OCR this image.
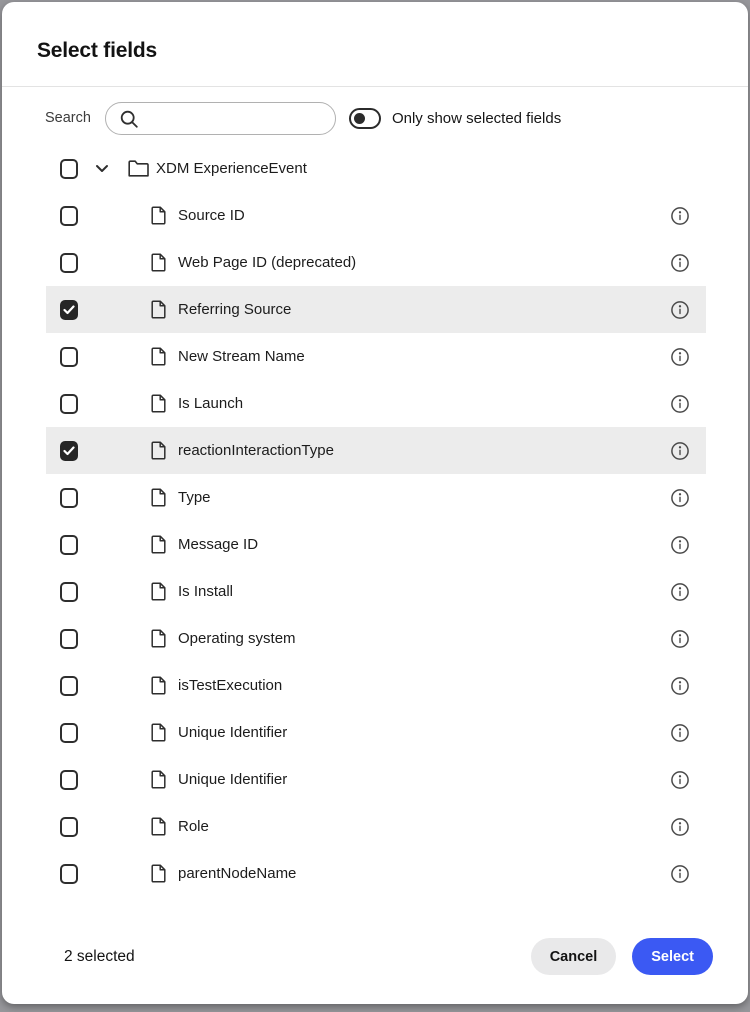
Select fields
Search	Only show selected fields
XDM ExperienceEvent
Source ID
Web Page ID (deprecated)
Referring Source
New Stream Name
Is Launch
reactionInteractionType
Type
Message ID
Is Install
Operating system
isTestExecution
Unique Identifier
Unique Identifier
Role
parentNodeName
2 selected	Cancel	Select
